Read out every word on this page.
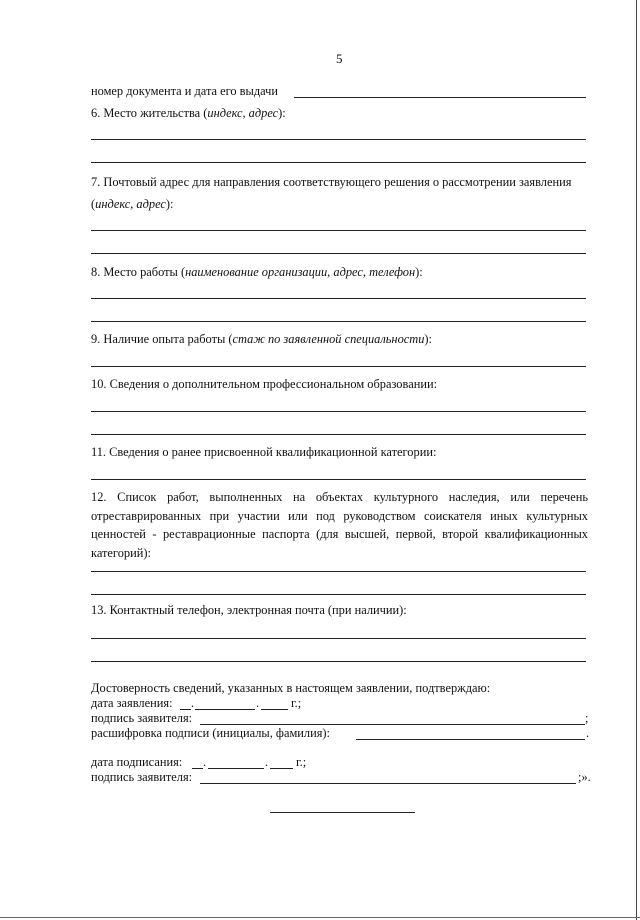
5
номер документа и дата его выдачи
6. Место жительства (индекс, адрес):
7. Почтовый адрес для направления соответствующего решения о рассмотрении заявления
(индекс, адрес):
8. Место работы (наименование организации, адрес, телефон):
9. Наличие опыта работы (стаж по заявленной специальности):
10. Сведения о дополнительном профессиональном образовании:
11. Сведения о ранее присвоенной квалификационной категории:
12. Список работ, выполненных на объектах культурного наследия, или перечень отреставрированных при участии или под руководством соискателя иных культурных ценностей - реставрационные паспорта (для высшей, первой, второй квалификационных категорий):
13. Контактный телефон, электронная почта (при наличии):
Достоверность сведений, указанных в настоящем заявлении, подтверждаю:
дата заявления: .	.	г.;
подпись заявителя:	;
расшифровка подписи (инициалы, фамилия):	.
дата подписания: .	. г.;
подпись заявителя:	;».
